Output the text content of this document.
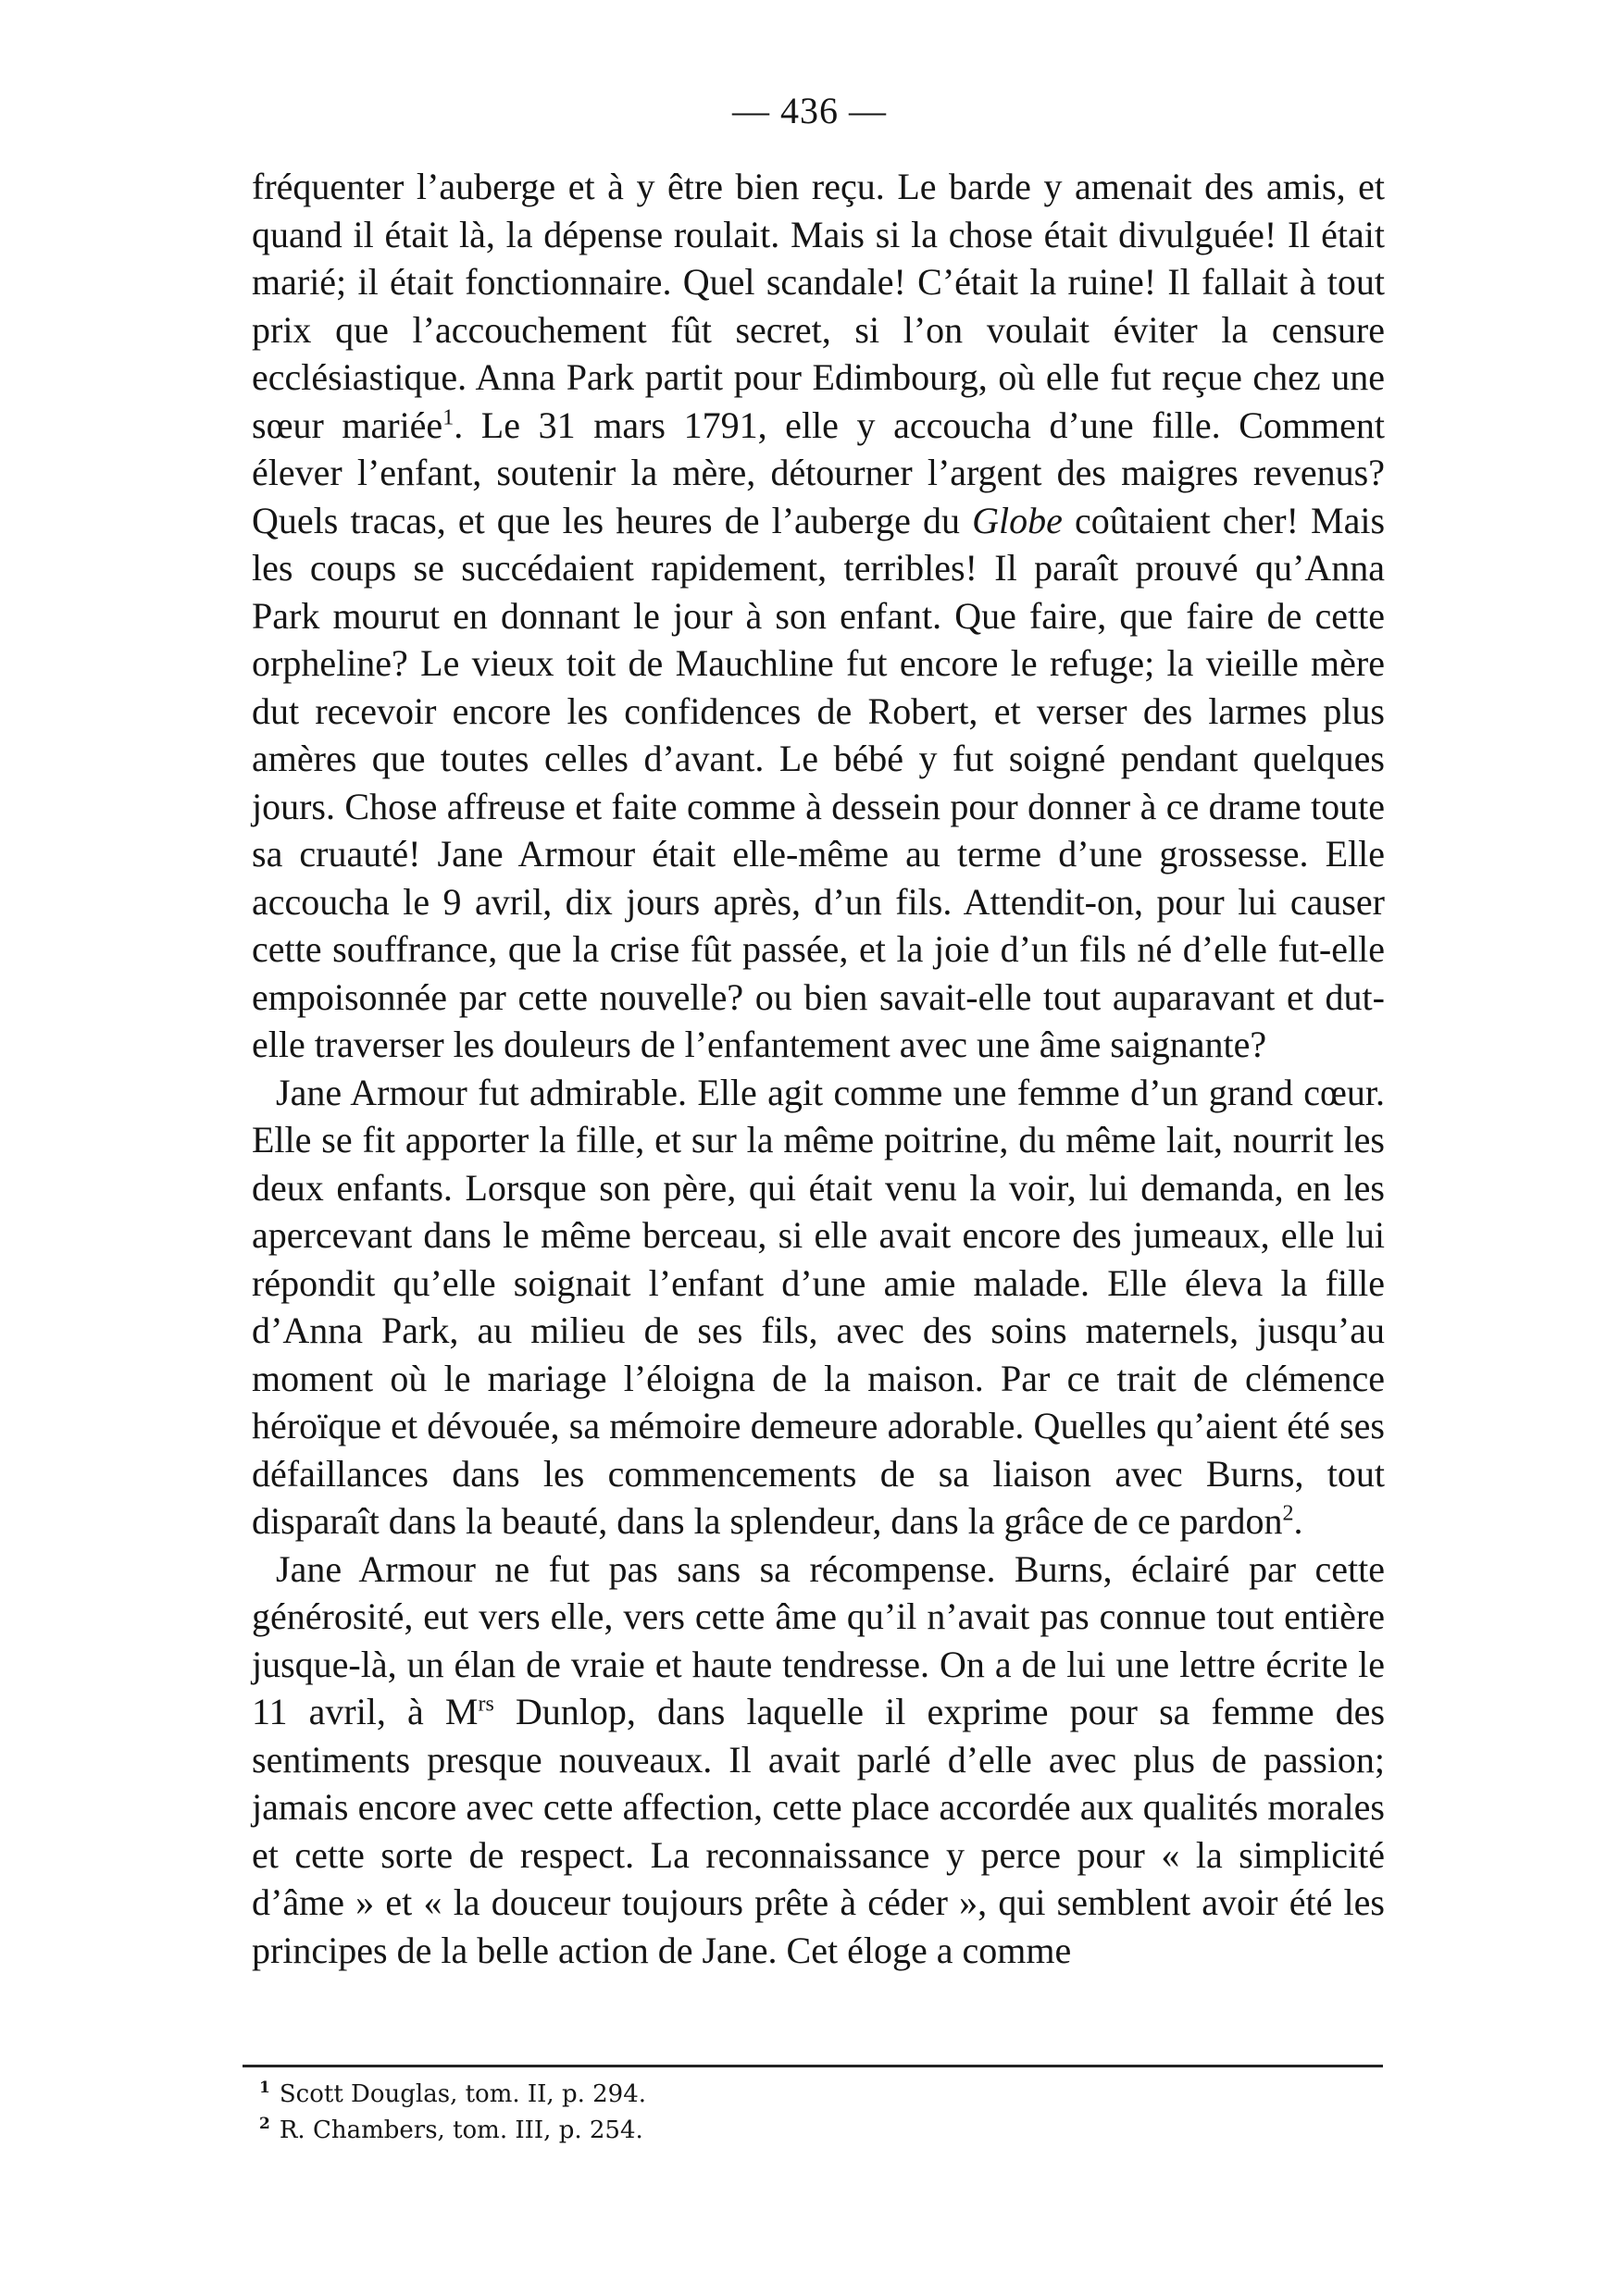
— 436 —

fréquenter l’auberge et à y être bien reçu. Le barde y amenait des amis, et quand il était là, la dépense roulait. Mais si la chose était divulguée! Il était marié; il était fonctionnaire. Quel scandale! C’était la ruine! Il fallait à tout prix que l’accouchement fût secret, si l’on voulait éviter la censure ecclésiastique. Anna Park partit pour Edimbourg, où elle fut reçue chez une sœur mariée$^1$. Le 31 mars 1791, elle y accoucha d’une fille. Comment élever l’enfant, soutenir la mère, détourner l’argent des maigres revenus? Quels tracas, et que les heures de l’auberge du Globe coûtaient cher! Mais les coups se succédaient rapidement, terribles! Il paraît prouvé qu’Anna Park mourut en donnant le jour à son enfant. Que faire, que faire de cette orpheline? Le vieux toit de Mauchline fut encore le refuge; la vieille mère dut recevoir encore les confidences de Robert, et verser des larmes plus amères que toutes celles d’avant. Le bébé y fut soigné pendant quelques jours. Chose affreuse et faite comme à dessein pour donner à ce drame toute sa cruauté! Jane Armour était elle-même au terme d’une grossesse. Elle accoucha le 9 avril, dix jours après, d’un fils. Attendit-on, pour lui causer cette souffrance, que la crise fût passée, et la joie d’un fils né d’elle fut-elle empoisonnée par cette nouvelle? ou bien savait-elle tout auparavant et dut-elle traverser les douleurs de l’enfantement avec une âme saignante?

Jane Armour fut admirable. Elle agit comme une femme d’un grand cœur. Elle se fit apporter la fille, et sur la même poitrine, du même lait, nourrit les deux enfants. Lorsque son père, qui était venu la voir, lui demanda, en les apercevant dans le même berceau, si elle avait encore des jumeaux, elle lui répondit qu’elle soignait l’enfant d’une amie malade. Elle éleva la fille d’Anna Park, au milieu de ses fils, avec des soins maternels, jusqu’au moment où le mariage l’éloigna de la maison. Par ce trait de clémence héroïque et dévouée, sa mémoire demeure adorable. Quelles qu’aient été ses défaillances dans les commencements de sa liaison avec Burns, tout disparaît dans la beauté, dans la splendeur, dans la grâce de ce pardon$^2$.

Jane Armour ne fut pas sans sa récompense. Burns, éclairé par cette générosité, eut vers elle, vers cette âme qu’il n’avait pas connue tout entière jusque-là, un élan de vraie et haute tendresse. On a de lui une lettre écrite le 11 avril, à M$^{rs}$ Dunlop, dans laquelle il exprime pour sa femme des sentiments presque nouveaux. Il avait parlé d’elle avec plus de passion; jamais encore avec cette affection, cette place accordée aux qualités morales et cette sorte de respect. La reconnaissance y perce pour « la simplicité d’âme » et « la douceur toujours prête à céder », qui semblent avoir été les principes de la belle action de Jane. Cet éloge a comme

$^1$ Scott Douglas, tom. II, p. 294.
$^2$ R. Chambers, tom. III, p. 254.
